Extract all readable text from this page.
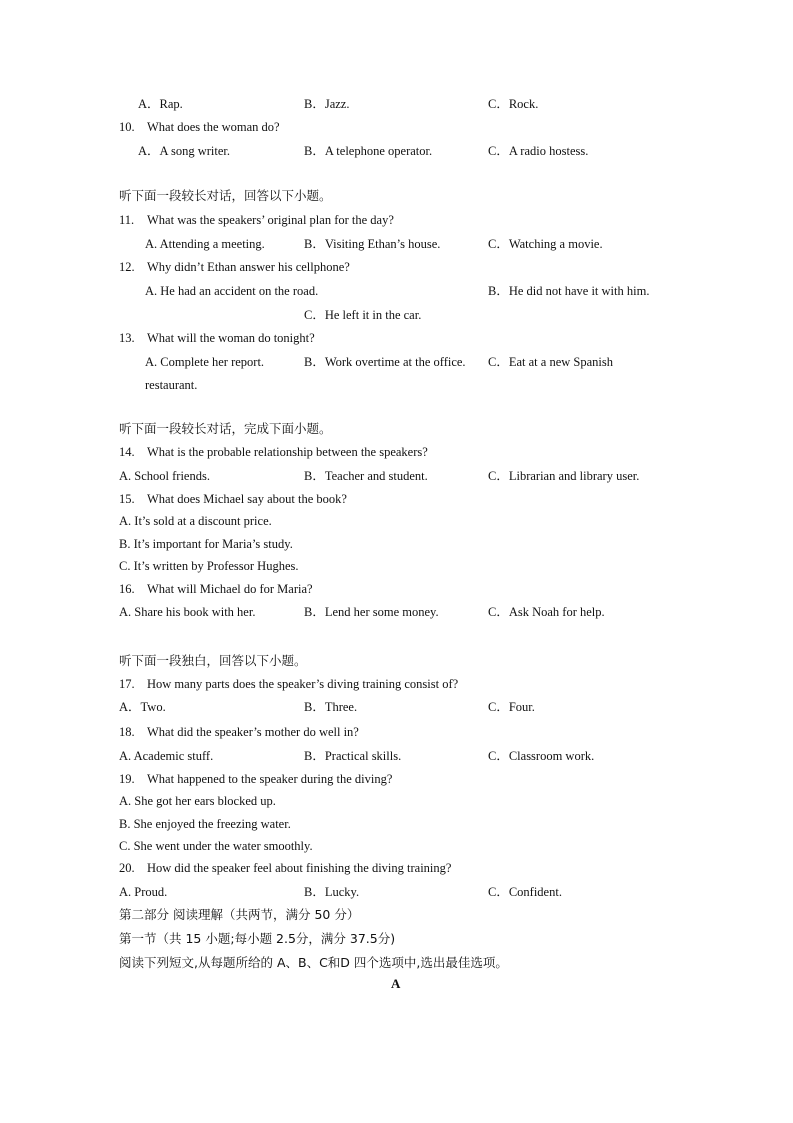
A．Rap.	B．Jazz.	C．Rock.
10. What does the woman do?
A．A song writer.	B．A telephone operator.	C．A radio hostess.
听下面一段较长对话，回答以下小题。
11. What was the speakers’ original plan for the day?
A. Attending a meeting.	B．Visiting Ethan’s house.	C．Watching a movie.
12. Why didn’t Ethan answer his cellphone?
A. He had an accident on the road.	B．He did not have it with him.
C．He left it in the car.
13. What will the woman do tonight?
A. Complete her report.	B．Work overtime at the office. C．Eat at a new Spanish
restaurant.
听下面一段较长对话，完成下面小题。
14. What is the probable relationship between the speakers?
A. School friends.	B．Teacher and student.	C．Librarian and library user.
15. What does Michael say about the book?
A. It’s sold at a discount price.
B. It’s important for Maria’s study.
C. It’s written by Professor Hughes.
16. What will Michael do for Maria?
A. Share his book with her.	B．Lend her some money.	C．Ask Noah for help.
听下面一段独白，回答以下小题。
17. How many parts does the speaker’s diving training consist of?
A．Two.	B．Three.	C．Four.
18. What did the speaker’s mother do well in?
A. Academic stuff.	B．Practical skills.	C．Classroom work.
19. What happened to the speaker during the diving?
A. She got her ears blocked up.
B. She enjoyed the freezing water.
C. She went under the water smoothly.
20. How did the speaker feel about finishing the diving training?
A. Proud.	B．Lucky.	C．Confident.
第二部分 阅读理解（共两节，满分 50 分）
第一节（共 15 小题;每小题 2.5分，满分 37.5分)
阅读下列短文,从每题所给的 A、B、C和D 四个选项中,选出最佳选项。
A
